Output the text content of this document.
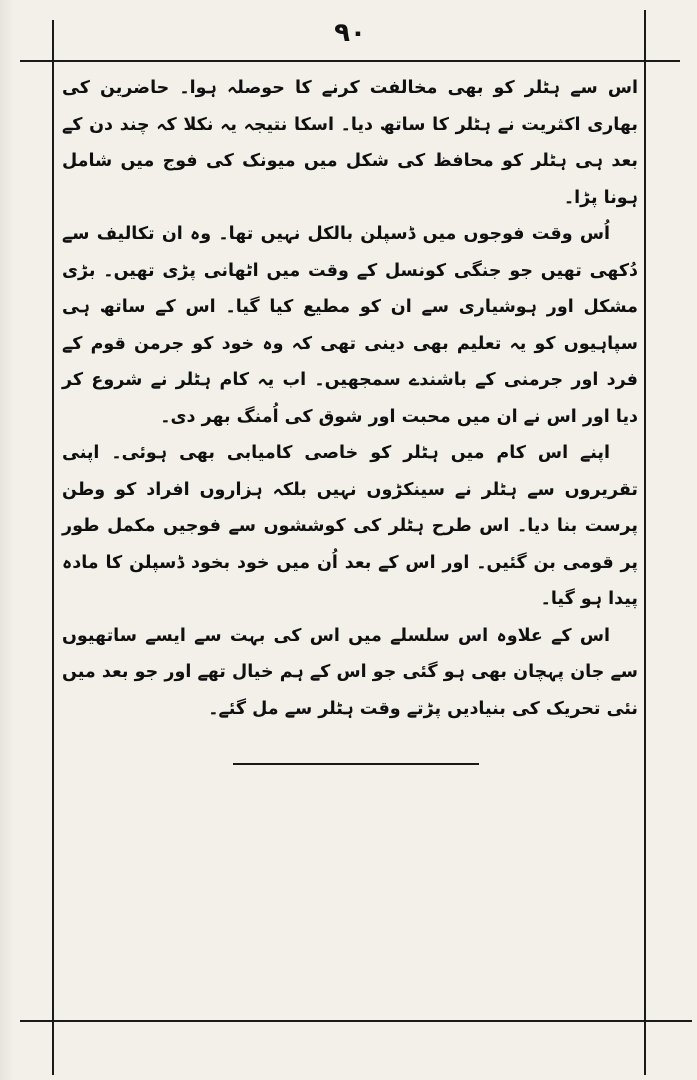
۹۰

اس سے ہٹلر کو بھی مخالفت کرنے کا حوصلہ ہوا۔ حاضرین کی بھاری اکثریت نے ہٹلر کا ساتھ دیا۔ اسکا نتیجہ یہ نکلا کہ چند دن کے بعد ہی ہٹلر کو محافظ کی شکل میں میونک کی فوج میں شامل ہونا پڑا۔

اُس وقت فوجوں میں ڈسپلن بالکل نہیں تھا۔ وہ ان تکالیف سے دُکھی تھیں جو جنگی کونسل کے وقت میں اٹھانی پڑی تھیں۔ بڑی مشکل اور ہوشیاری سے ان کو مطیع کیا گیا۔ اس کے ساتھ ہی سپاہیوں کو یہ تعلیم بھی دینی تھی کہ وہ خود کو جرمن قوم کے فرد اور جرمنی کے باشندے سمجھیں۔ اب یہ کام ہٹلر نے شروع کر دیا اور اس نے ان میں محبت اور شوق کی اُمنگ بھر دی۔

اپنے اس کام میں ہٹلر کو خاصی کامیابی بھی ہوئی۔ اپنی تقریروں سے ہٹلر نے سینکڑوں نہیں بلکہ ہزاروں افراد کو وطن پرست بنا دیا۔ اس طرح ہٹلر کی کوششوں سے فوجیں مکمل طور پر قومی بن گئیں۔ اور اس کے بعد اُن میں خود بخود ڈسپلن کا مادہ پیدا ہو گیا۔

اس کے علاوہ اس سلسلے میں اس کی بہت سے ایسے ساتھیوں سے جان پہچان بھی ہو گئی جو اس کے ہم خیال تھے اور جو بعد میں نئی تحریک کی بنیادیں پڑتے وقت ہٹلر سے مل گئے۔
